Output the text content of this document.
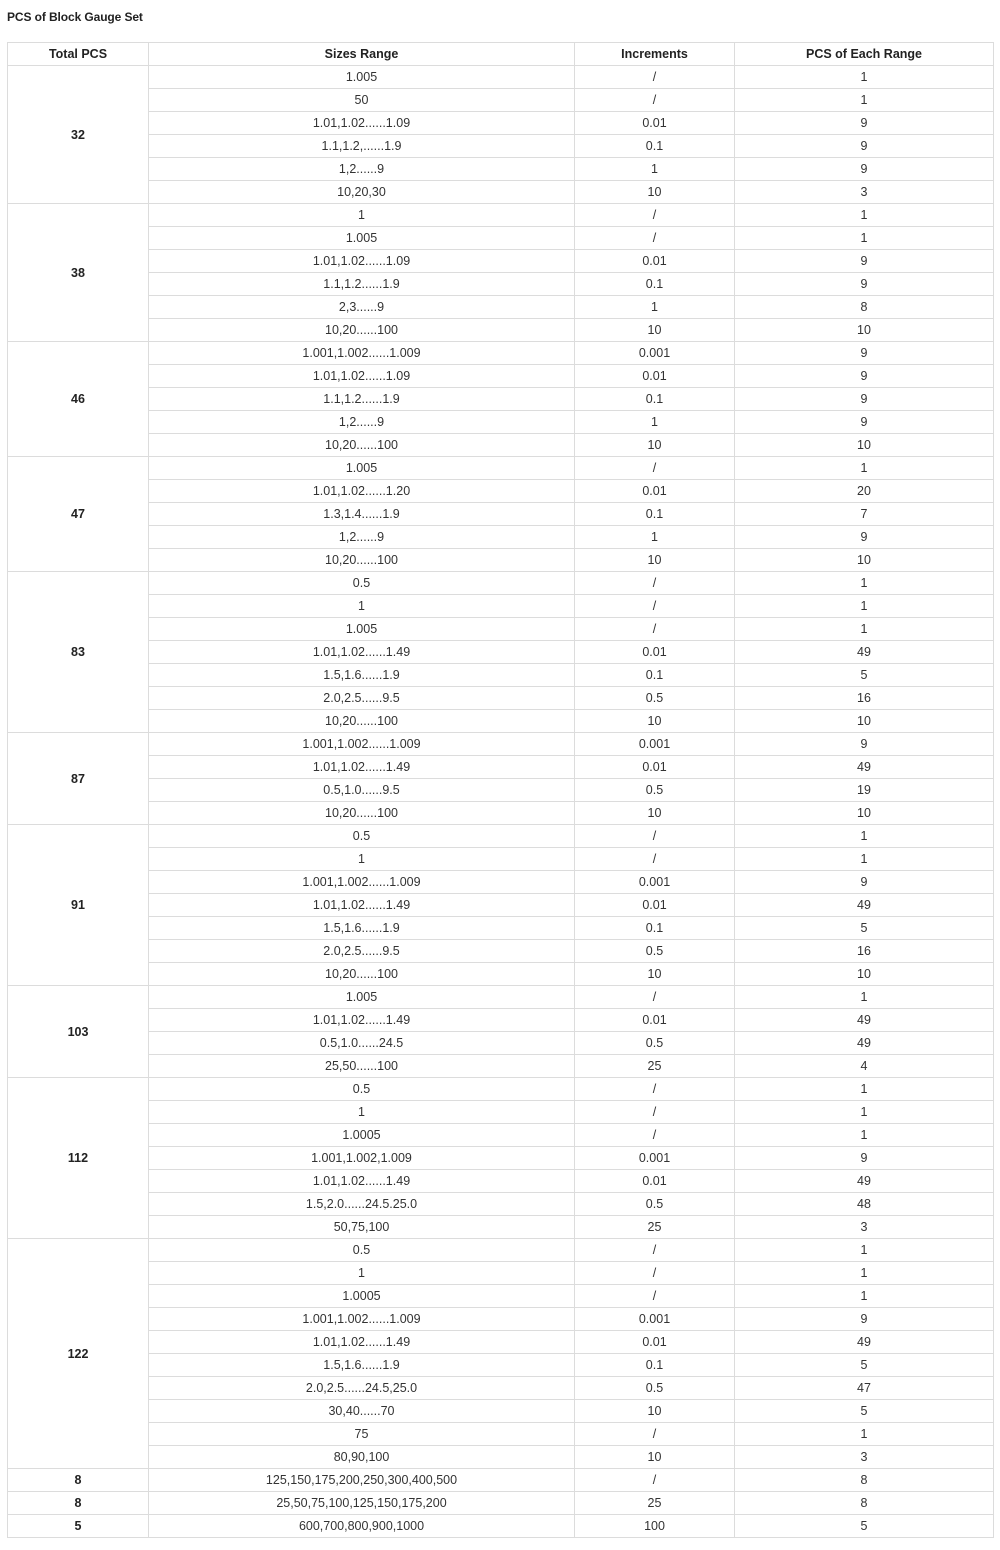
PCS of Block Gauge Set
Total PCS	Sizes Range	Increments	PCS of Each Range
32	1.005	/	1
	50	/	1
	1.01,1.02......1.09	0.01	9
	1.1,1.2,......1.9	0.1	9
	1,2......9	1	9
	10,20,30	10	3
38	1	/	1
	1.005	/	1
	1.01,1.02......1.09	0.01	9
	1.1,1.2......1.9	0.1	9
	2,3......9	1	8
	10,20......100	10	10
46	1.001,1.002......1.009	0.001	9
	1.01,1.02......1.09	0.01	9
	1.1,1.2......1.9	0.1	9
	1,2......9	1	9
	10,20......100	10	10
47	1.005	/	1
	1.01,1.02......1.20	0.01	20
	1.3,1.4......1.9	0.1	7
	1,2......9	1	9
	10,20......100	10	10
83	0.5	/	1
	1	/	1
	1.005	/	1
	1.01,1.02......1.49	0.01	49
	1.5,1.6......1.9	0.1	5
	2.0,2.5......9.5	0.5	16
	10,20......100	10	10
87	1.001,1.002......1.009	0.001	9
	1.01,1.02......1.49	0.01	49
	0.5,1.0......9.5	0.5	19
	10,20......100	10	10
91	0.5	/	1
	1	/	1
	1.001,1.002......1.009	0.001	9
	1.01,1.02......1.49	0.01	49
	1.5,1.6......1.9	0.1	5
	2.0,2.5......9.5	0.5	16
	10,20......100	10	10
103	1.005	/	1
	1.01,1.02......1.49	0.01	49
	0.5,1.0......24.5	0.5	49
	25,50......100	25	4
112	0.5	/	1
	1	/	1
	1.0005	/	1
	1.001,1.002,1.009	0.001	9
	1.01,1.02......1.49	0.01	49
	1.5,2.0......24.5.25.0	0.5	48
	50,75,100	25	3
122	0.5	/	1
	1	/	1
	1.0005	/	1
	1.001,1.002......1.009	0.001	9
	1.01,1.02......1.49	0.01	49
	1.5,1.6......1.9	0.1	5
	2.0,2.5......24.5,25.0	0.5	47
	30,40......70	10	5
	75	/	1
	80,90,100	10	3
8	125,150,175,200,250,300,400,500	/	8
8	25,50,75,100,125,150,175,200	25	8
5	600,700,800,900,1000	100	5
